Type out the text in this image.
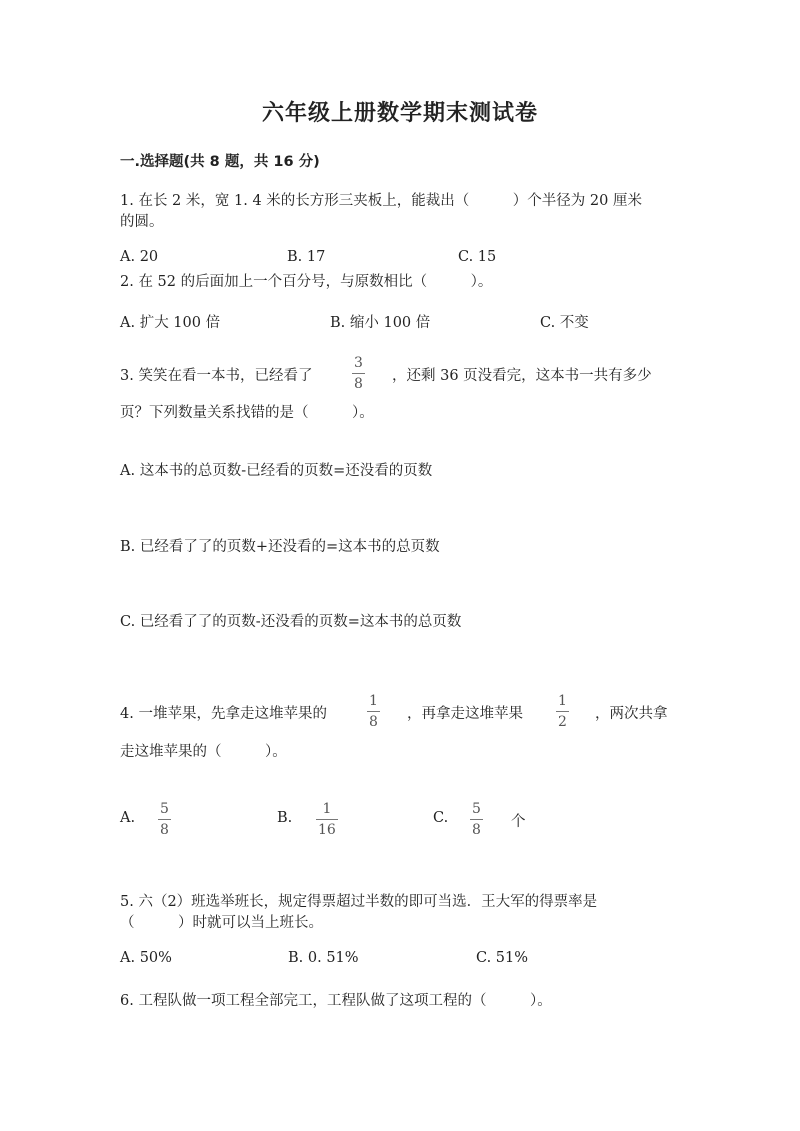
六年级上册数学期末测试卷
一.选择题(共 8 题，共 16 分)
1. 在长 2 米，宽 1. 4 米的长方形三夹板上，能裁出（　　　）个半径为 20 厘米
的圆。
A. 20	B. 17	C. 15
2. 在 52 的后面加上一个百分号，与原数相比（　　　）。
A. 扩大 100 倍	B. 缩小 100 倍	C. 不变
3. 笑笑在看一本书，已经看了
3
8
，还剩 36 页没看完，这本书一共有多少
页？下列数量关系找错的是（　　　）。
A. 这本书的总页数-已经看的页数=还没看的页数
B. 已经看了了的页数+还没看的=这本书的总页数
C. 已经看了了的页数-还没看的页数=这本书的总页数
4. 一堆苹果，先拿走这堆苹果的
1
8
，再拿走这堆苹果
1
2
，两次共拿
走这堆苹果的（　　　）。
A.
5
8
B.
1
16
C.
5
8
个
5. 六（2）班选举班长，规定得票超过半数的即可当选．王大军的得票率是
（　　　）时就可以当上班长。
A. 50%	B. 0. 51%	C. 51%
6. 工程队做一项工程全部完工，工程队做了这项工程的（　　　）。
